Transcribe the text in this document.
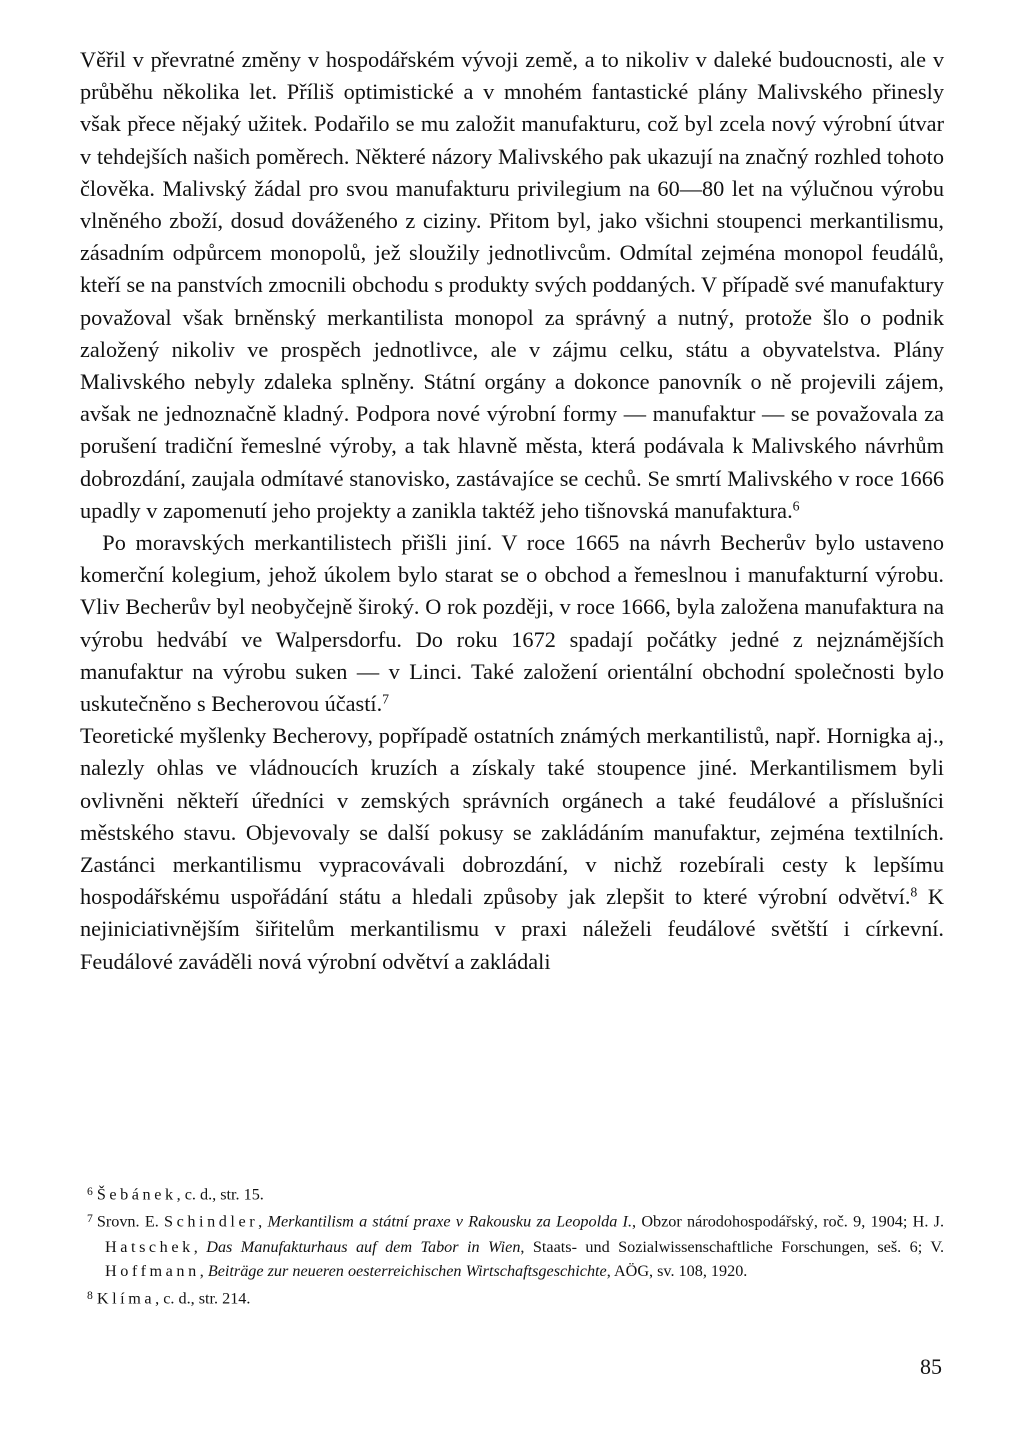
Věřil v převratné změny v hospodářském vývoji země, a to nikoliv v daleké budoucnosti, ale v průběhu několika let. Příliš optimistické a v mnohém fantastické plány Malivského přinesly však přece nějaký užitek. Podařilo se mu založit manufakturu, což byl zcela nový výrobní útvar v tehdejších našich poměrech. Některé názory Malivského pak ukazují na značný rozhled tohoto člověka. Malivský žádal pro svou manufakturu privilegium na 60—80 let na výlučnou výrobu vlněného zboží, dosud dováženého z ciziny. Přitom byl, jako všichni stoupenci merkantilismu, zásadním odpůrcem monopolů, jež sloužily jednotlivcům. Odmítal zejména monopol feudálů, kteří se na panstvích zmocnili obchodu s produkty svých poddaných. V případě své manufaktury považoval však brněnský merkantilista monopol za správný a nutný, protože šlo o podnik založený nikoliv ve prospěch jednotlivce, ale v zájmu celku, státu a obyvatelstva. Plány Malivského nebyly zdaleka splněny. Státní orgány a dokonce panovník o ně projevili zájem, avšak ne jednoznačně kladný. Podpora nové výrobní formy — manufaktur — se považovala za porušení tradiční řemeslné výroby, a tak hlavně města, která podávala k Malivského návrhům dobrozdání, zaujala odmítavé stanovisko, zastávajíce se cechů. Se smrtí Malivského v roce 1666 upadly v zapomenutí jeho projekty a zanikla taktéž jeho tišnovská manufaktura.$^6$

Po moravských merkantilistech přišli jiní. V roce 1665 na návrh Becherův bylo ustaveno komerční kolegium, jehož úkolem bylo starat se o obchod a řemeslnou i manufakturní výrobu. Vliv Becherův byl neobyčejně široký. O rok později, v roce 1666, byla založena manufaktura na výrobu hedvábí ve Walpersdorfu. Do roku 1672 spadají počátky jedné z nejznámějších manufaktur na výrobu suken — v Linci. Také založení orientální obchodní společnosti bylo uskutečněno s Becherovou účastí.$^7$

Teoretické myšlenky Becherovy, popřípadě ostatních známých merkantilistů, např. Hornigka aj., nalezly ohlas ve vládnoucích kruzích a získaly také stoupence jiné. Merkantilismem byli ovlivněni někteří úředníci v zemských správních orgánech a také feudálové a příslušníci městského stavu. Objevovaly se další pokusy se zakládáním manufaktur, zejména textilních. Zastánci merkantilismu vypracovávali dobrozdání, v nichž rozebírali cesty k lepšímu hospodářskému uspořádání státu a hledali způsoby jak zlepšit to které výrobní odvětví.$^8$ K nejiniciativnějším šiřitelům merkantilismu v praxi náleželi feudálové světští i církevní. Feudálové zaváděli nová výrobní odvětví a zakládali

$^6$ Šebánek, c. d., str. 15.

$^7$ Srovn. E. Schindler, Merkantilism a státní praxe v Rakousku za Leopolda I., Obzor národohospodářský, roč. 9, 1904; H. J. Hatschek, Das Manufakturhaus auf dem Tabor in Wien, Staats- und Sozialwissenschaftliche Forschungen, seš. 6; V. Hoffmann, Beiträge zur neueren oesterreichischen Wirtschaftsgeschichte, AÖG, sv. 108, 1920.

$^8$ Klíma, c. d., str. 214.

85
